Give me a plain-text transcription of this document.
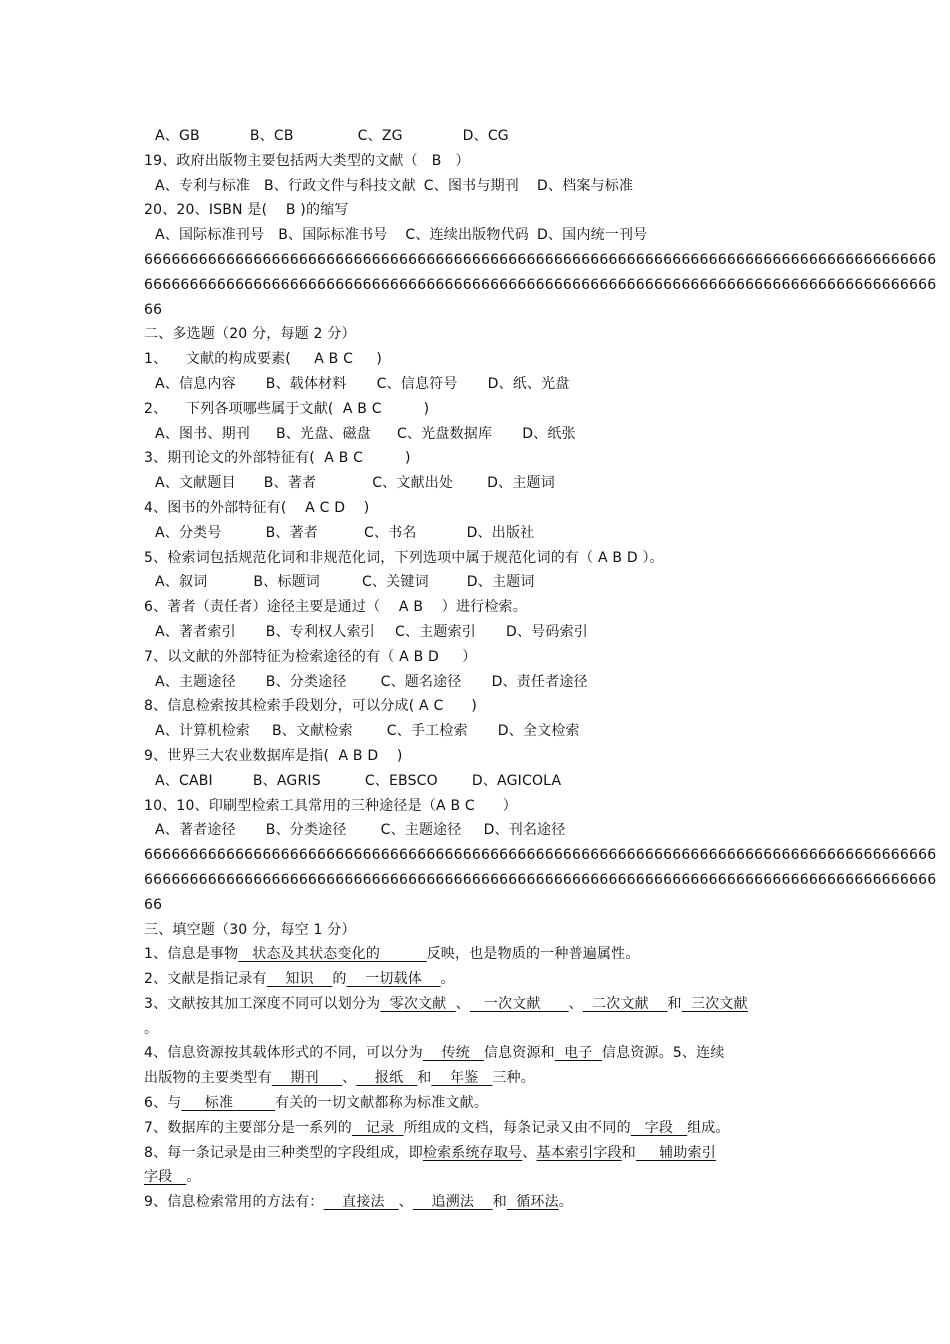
A、GB	B、CB	C、ZG	D、CG
19、政府出版物主要包括两大类型的文献（   B   ）
A、专利与标准 B、行政文件与科技文献 C、图书与期刊 D、档案与标准
20、20、ISBN 是(    B )的缩写
A、国际标准刊号 B、国际标准书号 C、连续出版物代码 D、国内统一刊号
666666666666666666666666666666666666666666666666666666666666666666666666666666666666666
666666666666666666666666666666666666666666666666666666666666666666666666666666666666666
66
二、多选题（20 分，每题 2 分）
1、    文献的构成要素(     A B C     )
A、信息内容 B、载体材料 C、信息符号 D、纸、光盘
2、    下列各项哪些属于文献(  A B C         )
A、图书、期刊 B、光盘、磁盘 C、光盘数据库 D、纸张
3、期刊论文的外部特征有(  A B C         )
A、文献题目 B、著者	C、文献出处 D、主题词
4、图书的外部特征有(    A C D    )
A、分类号	B、著者	C、书名	D、出版社
5、检索词包括规范化词和非规范化词，下列选项中属于规范化词的有（ A B D ）。
A、叙词	B、标题词	C、关键词	D、主题词
6、著者（责任者）途径主要是通过（    A B    ）进行检索。
A、著者索引 B、专利权人索引 C、主题索引 D、号码索引
7、以文献的外部特征为检索途径的有（ A B D     ）
A、主题途径 B、分类途径 C、题名途径 D、责任者途径
8、信息检索按其检索手段划分，可以分成( A C      )
A、计算机检索 B、文献检索 C、手工检索 D、全文检索
9、世界三大农业数据库是指(  A B D    )
A、CABI	B、AGRIS	C、EBSCO D、AGICOLA
10、10、印刷型检索工具常用的三种途径是（A B C      ）
A、著者途径 B、分类途径 C、主题途径 D、刊名途径
666666666666666666666666666666666666666666666666666666666666666666666666666666666666666
666666666666666666666666666666666666666666666666666666666666666666666666666666666666666
66
三、填空题（30 分，每空 1 分）
1、信息是事物   状态及其状态变化的          反映，也是物质的一种普遍属性。
2、文献是指记录有    知识    的    一切载体    。
3、文献按其加工深度不同可以划分为  零次文献  、   一次文献      、  二次文献    和  三次文献
。
4、信息资源按其载体形式的不同，可以分为    传统   信息资源和  电子  信息资源。5、连续
出版物的主要类型有    期刊     、    报纸   和    年鉴   三种。
6、与     标准         有关的一切文献都称为标准文献。
7、数据库的主要部分是一系列的   记录  所组成的文档，每条记录又由不同的   字段   组成。
8、每一条记录是由三种类型的字段组成，即检索系统存取号、基本索引字段和     辅助索引
字段   。
9、信息检索常用的方法有：    直接法   、    追溯法    和  循环法。
